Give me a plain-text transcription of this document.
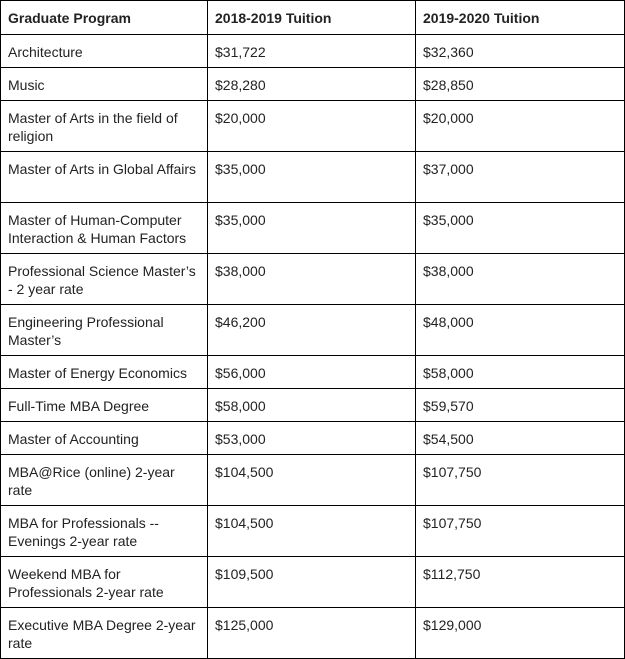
Graduate Program	2018-2019 Tuition	2019-2020 Tuition
Architecture	$31,722	$32,360
Music	$28,280	$28,850
Master of Arts in the field of religion	$20,000	$20,000
Master of Arts in Global Affairs	$35,000	$37,000
Master of Human-Computer Interaction & Human Factors	$35,000	$35,000
Professional Science Master’s - 2 year rate	$38,000	$38,000
Engineering Professional Master’s	$46,200	$48,000
Master of Energy Economics	$56,000	$58,000
Full-Time MBA Degree	$58,000	$59,570
Master of Accounting	$53,000	$54,500
MBA@Rice (online) 2-year rate	$104,500	$107,750
MBA for Professionals -- Evenings 2-year rate	$104,500	$107,750
Weekend MBA for Professionals 2-year rate	$109,500	$112,750
Executive MBA Degree 2-year rate	$125,000	$129,000
